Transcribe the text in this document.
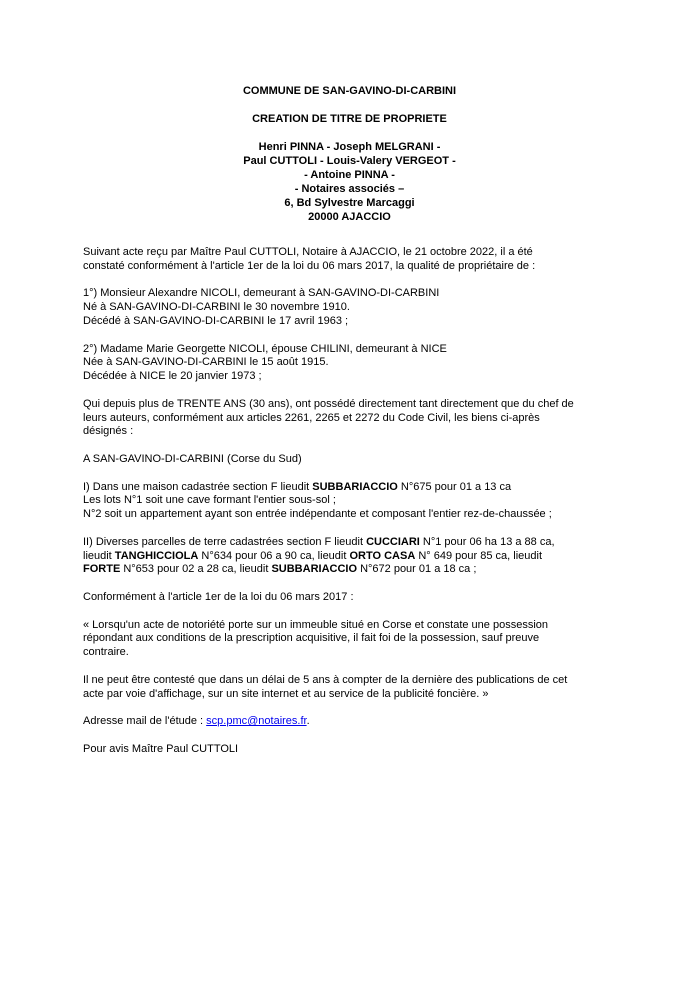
COMMUNE DE SAN-GAVINO-DI-CARBINI
CREATION DE TITRE DE PROPRIETE
Henri PINNA - Joseph MELGRANI -
Paul CUTTOLI - Louis-Valery VERGEOT -
- Antoine PINNA -
- Notaires associés –
6, Bd Sylvestre Marcaggi
20000 AJACCIO
Suivant acte reçu par Maître Paul CUTTOLI, Notaire à AJACCIO, le 21 octobre 2022, il a été
constaté conformément à l'article 1er de la loi du 06 mars 2017, la qualité de propriétaire de :
1°) Monsieur Alexandre NICOLI, demeurant à SAN-GAVINO-DI-CARBINI
Né à SAN-GAVINO-DI-CARBINI le 30 novembre 1910.
Décédé à SAN-GAVINO-DI-CARBINI le 17 avril 1963 ;
2°) Madame Marie Georgette NICOLI, épouse CHILINI, demeurant à NICE
Née à SAN-GAVINO-DI-CARBINI le 15 août 1915.
Décédée à NICE le 20 janvier 1973 ;
Qui depuis plus de TRENTE ANS (30 ans), ont possédé directement tant directement que du chef de
leurs auteurs, conformément aux articles 2261, 2265 et 2272 du Code Civil, les biens ci-après
désignés :
A SAN-GAVINO-DI-CARBINI (Corse du Sud)
I) Dans une maison cadastrée section F lieudit SUBBARIACCIO N°675 pour 01 a 13 ca
Les lots N°1 soit une cave formant l'entier sous-sol ;
N°2 soit un appartement ayant son entrée indépendante et composant l'entier rez-de-chaussée ;
II) Diverses parcelles de terre cadastrées section F lieudit CUCCIARI N°1 pour 06 ha 13 a 88 ca,
lieudit TANGHICCIOLA N°634 pour 06 a 90 ca, lieudit ORTO CASA N° 649 pour 85 ca, lieudit
FORTE N°653 pour 02 a 28 ca, lieudit SUBBARIACCIO N°672 pour 01 a 18 ca ;
Conformément à l'article 1er de la loi du 06 mars 2017 :
« Lorsqu'un acte de notoriété porte sur un immeuble situé en Corse et constate une possession
répondant aux conditions de la prescription acquisitive, il fait foi de la possession, sauf preuve
contraire.
Il ne peut être contesté que dans un délai de 5 ans à compter de la dernière des publications de cet
acte par voie d'affichage, sur un site internet et au service de la publicité foncière. »
Adresse mail de l'étude : scp.pmc@notaires.fr.
Pour avis Maître Paul CUTTOLI
